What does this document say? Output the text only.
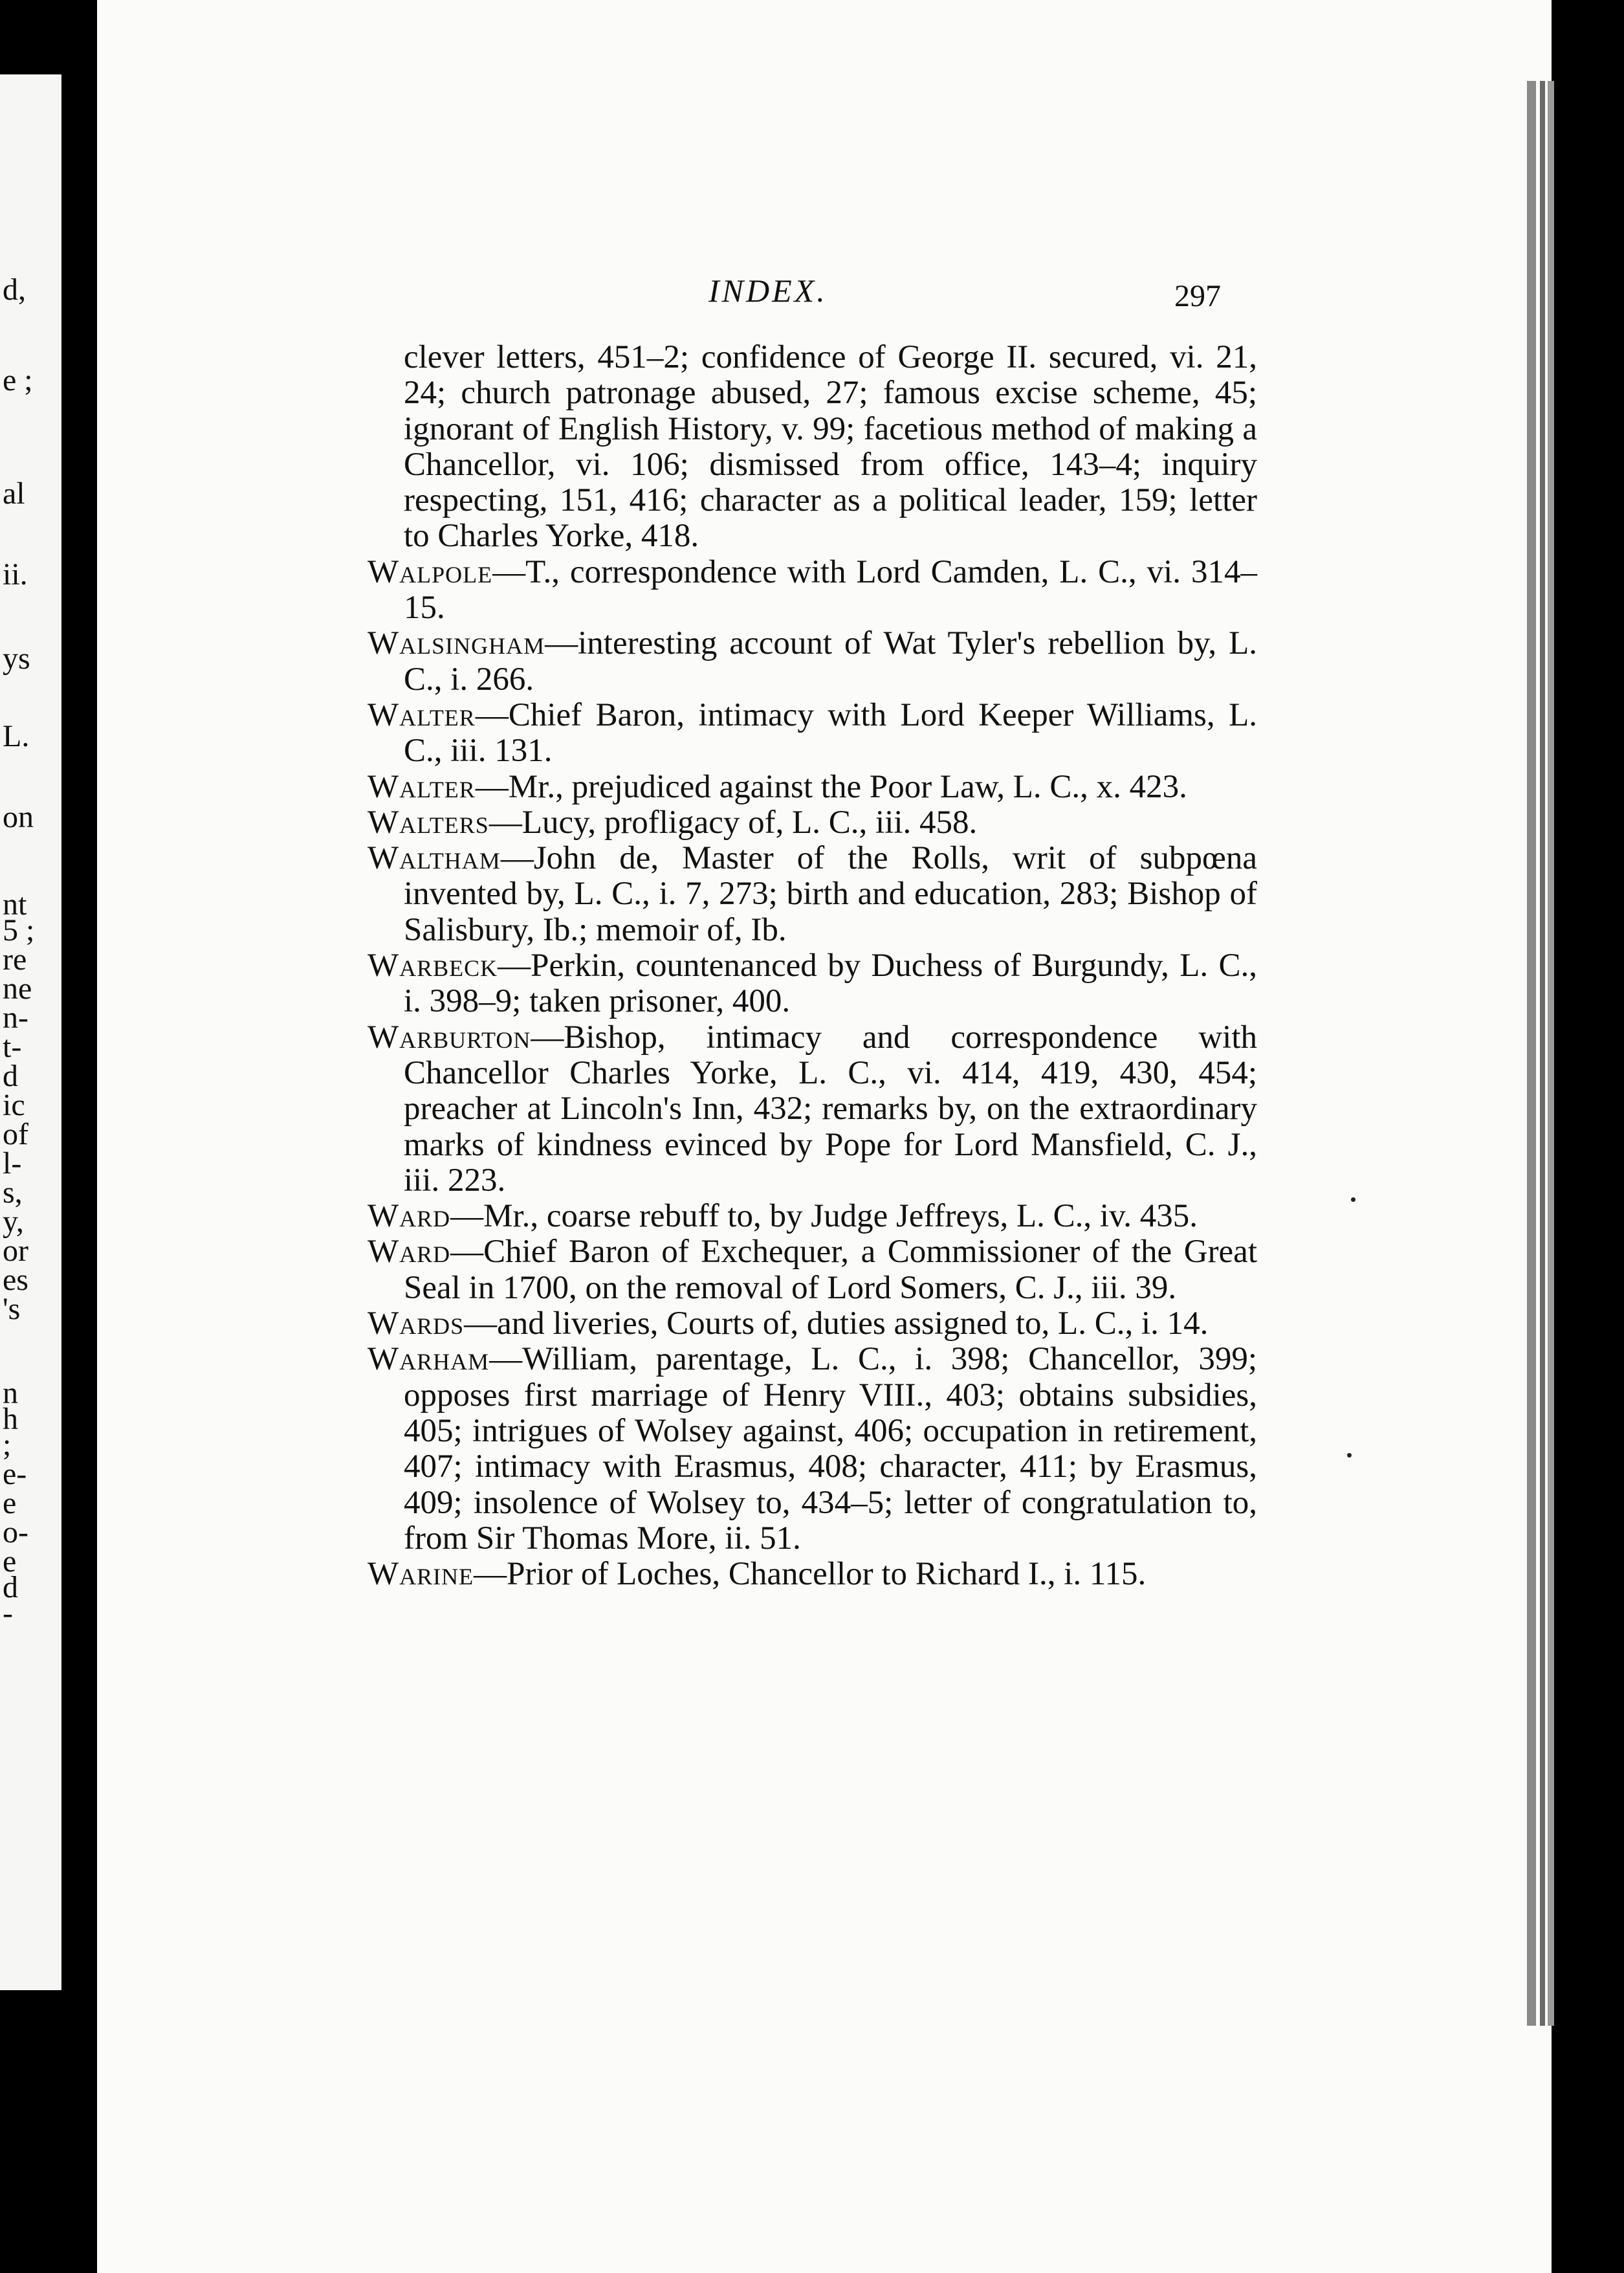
d,
e ;
al
ii.
ys
L.
on
nt
5 ;
re
ne
n-
t-
d
ic
of
l-
s,
y,
or
es
's
n
h
;
e-
e
o-
e
d
-
INDEX.	297

clever letters, 451–2; confidence of George II. secured, vi. 21, 24; church patronage abused, 27; famous excise scheme, 45; ignorant of English History, v. 99; facetious method of making a Chancellor, vi. 106; dismissed from office, 143–4; inquiry respecting, 151, 416; character as a political leader, 159; letter to Charles Yorke, 418.

Walpole—T., correspondence with Lord Camden, L. C., vi. 314–15.

Walsingham—interesting account of Wat Tyler's rebellion by, L. C., i. 266.

Walter—Chief Baron, intimacy with Lord Keeper Williams, L. C., iii. 131.

Walter—Mr., prejudiced against the Poor Law, L. C., x. 423.

Walters—Lucy, profligacy of, L. C., iii. 458.

Waltham—John de, Master of the Rolls, writ of subpœna invented by, L. C., i. 7, 273; birth and education, 283; Bishop of Salisbury, Ib.; memoir of, Ib.

Warbeck—Perkin, countenanced by Duchess of Burgundy, L. C., i. 398–9; taken prisoner, 400.

Warburton—Bishop, intimacy and correspondence with Chancellor Charles Yorke, L. C., vi. 414, 419, 430, 454; preacher at Lincoln's Inn, 432; remarks by, on the extraordinary marks of kindness evinced by Pope for Lord Mansfield, C. J., iii. 223.

Ward—Mr., coarse rebuff to, by Judge Jeffreys, L. C., iv. 435.

Ward—Chief Baron of Exchequer, a Commissioner of the Great Seal in 1700, on the removal of Lord Somers, C. J., iii. 39.

Wards—and liveries, Courts of, duties assigned to, L. C., i. 14.

Warham—William, parentage, L. C., i. 398; Chancellor, 399; opposes first marriage of Henry VIII., 403; obtains subsidies, 405; intrigues of Wolsey against, 406; occupation in retirement, 407; intimacy with Erasmus, 408; character, 411; by Erasmus, 409; insolence of Wolsey to, 434–5; letter of congratulation to, from Sir Thomas More, ii. 51.

Warine—Prior of Loches, Chancellor to Richard I., i. 115.
